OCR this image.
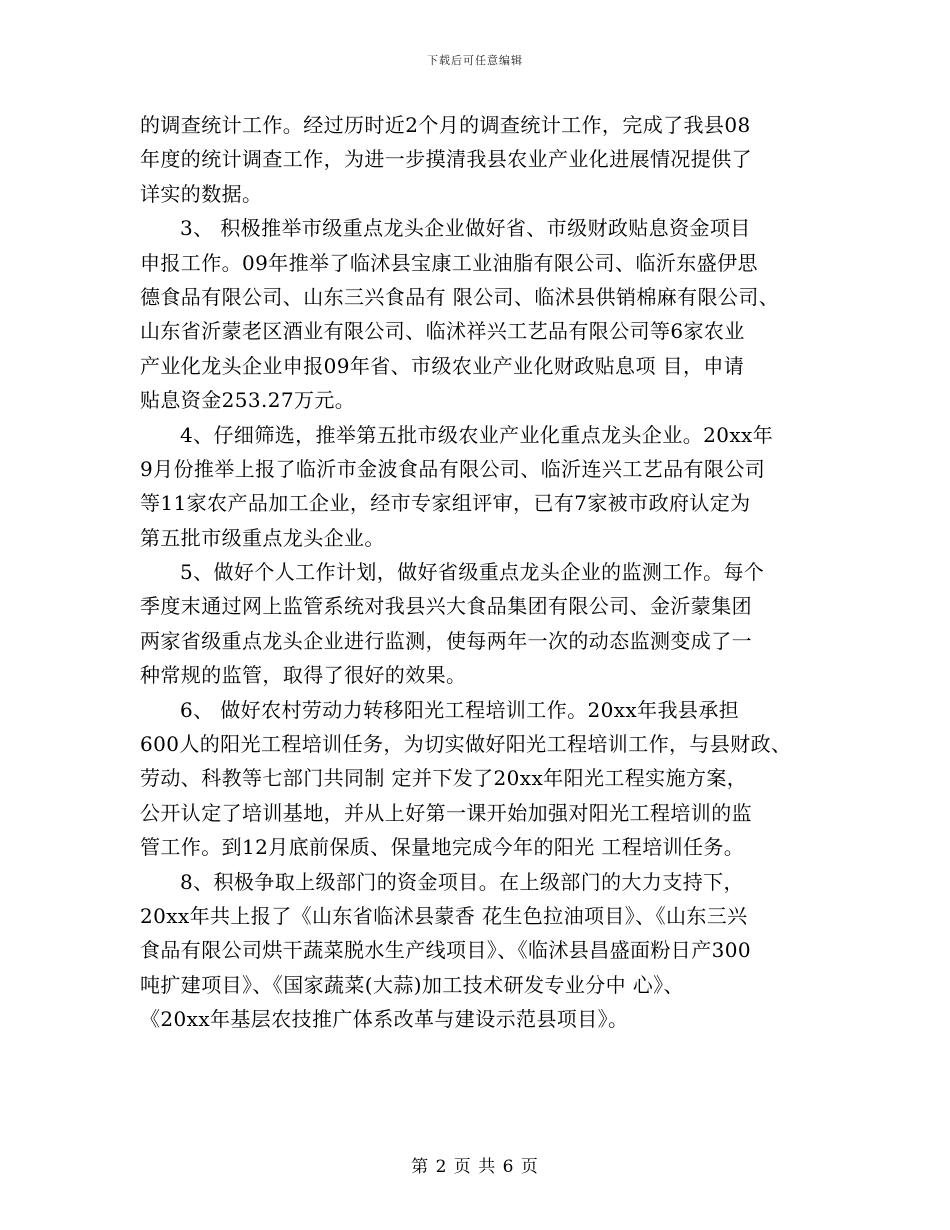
下载后可任意编辑
的调查统计工作。经过历时近2个月的调查统计工作，完成了我县08
年度的统计调查工作，为进一步摸清我县农业产业化进展情况提供了
详实的数据。
3、 积极推举市级重点龙头企业做好省、市级财政贴息资金项目
申报工作。09年推举了临沭县宝康工业油脂有限公司、临沂东盛伊思
德食品有限公司、山东三兴食品有 限公司、临沭县供销棉麻有限公司、
山东省沂蒙老区酒业有限公司、临沭祥兴工艺品有限公司等6家农业
产业化龙头企业申报09年省、市级农业产业化财政贴息项 目，申请
贴息资金253.27万元。
4、仔细筛选，推举第五批市级农业产业化重点龙头企业。20xx年
9月份推举上报了临沂市金波食品有限公司、临沂连兴工艺品有限公司
等11家农产品加工企业，经市专家组评审，已有7家被市政府认定为
第五批市级重点龙头企业。
5、做好个人工作计划，做好省级重点龙头企业的监测工作。每个
季度末通过网上监管系统对我县兴大食品集团有限公司、金沂蒙集团
两家省级重点龙头企业进行监测，使每两年一次的动态监测变成了一
种常规的监管，取得了很好的效果。
6、 做好农村劳动力转移阳光工程培训工作。20xx年我县承担
600人的阳光工程培训任务，为切实做好阳光工程培训工作，与县财政、
劳动、科教等七部门共同制 定并下发了20xx年阳光工程实施方案，
公开认定了培训基地，并从上好第一课开始加强对阳光工程培训的监
管工作。到12月底前保质、保量地完成今年的阳光 工程培训任务。
8、积极争取上级部门的资金项目。在上级部门的大力支持下，
20xx年共上报了《山东省临沭县蒙香 花生色拉油项目》、《山东三兴
食品有限公司烘干蔬菜脱水生产线项目》、《临沭县昌盛面粉日产300
吨扩建项目》、《国家蔬菜(大蒜)加工技术研发专业分中 心》、
《20xx年基层农技推广体系改革与建设示范县项目》。
第 2 页 共 6 页
